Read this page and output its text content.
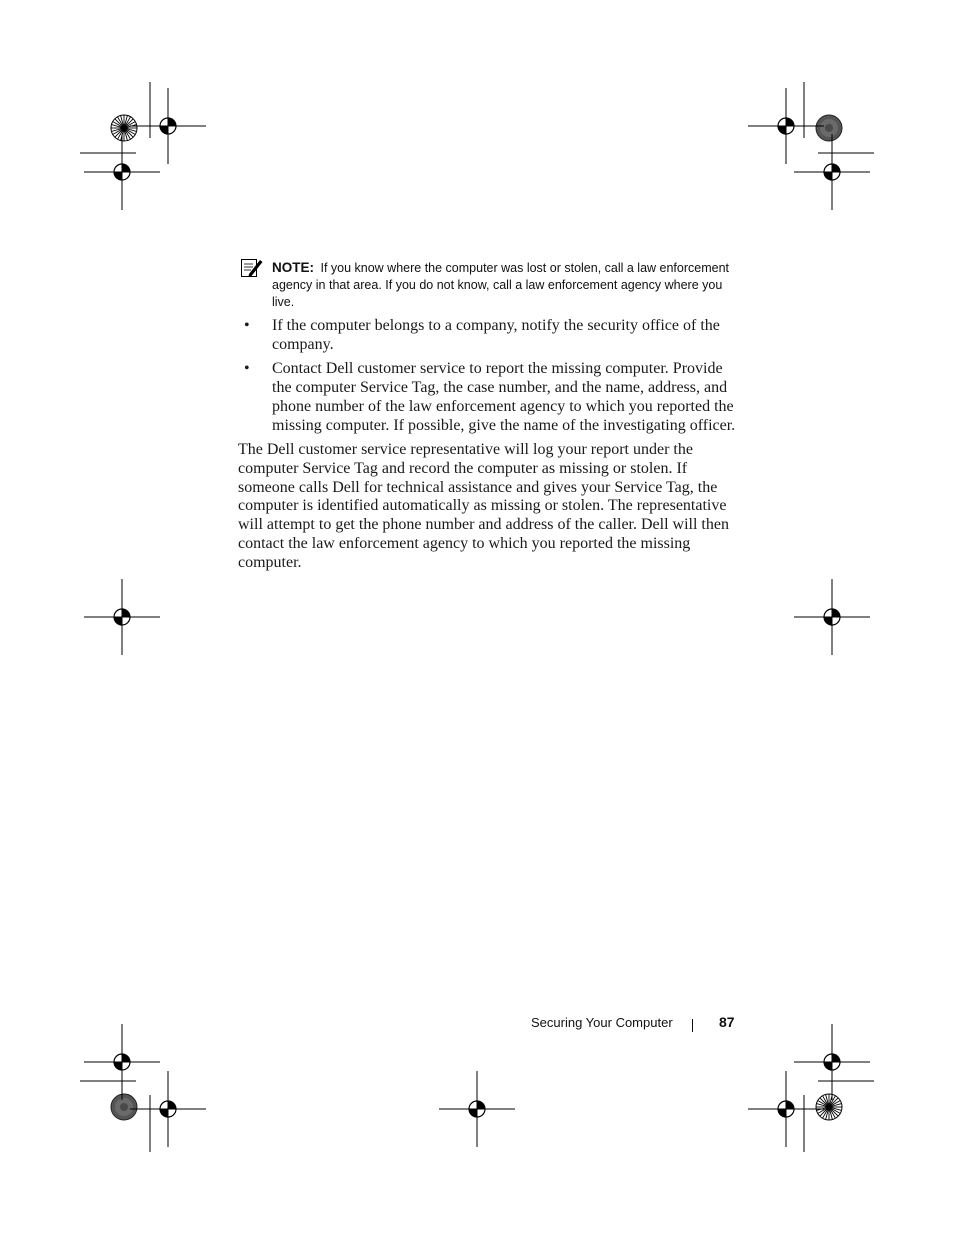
NOTE: If you know where the computer was lost or stolen, call a law enforcement agency in that area. If you do not know, call a law enforcement agency where you live.
• If the computer belongs to a company, notify the security office of the company.
• Contact Dell customer service to report the missing computer. Provide the computer Service Tag, the case number, and the name, address, and phone number of the law enforcement agency to which you reported the missing computer. If possible, give the name of the investigating officer.

The Dell customer service representative will log your report under the computer Service Tag and record the computer as missing or stolen. If someone calls Dell for technical assistance and gives your Service Tag, the computer is identified automatically as missing or stolen. The representative will attempt to get the phone number and address of the caller. Dell will then contact the law enforcement agency to which you reported the missing computer.

Securing Your Computer	87
